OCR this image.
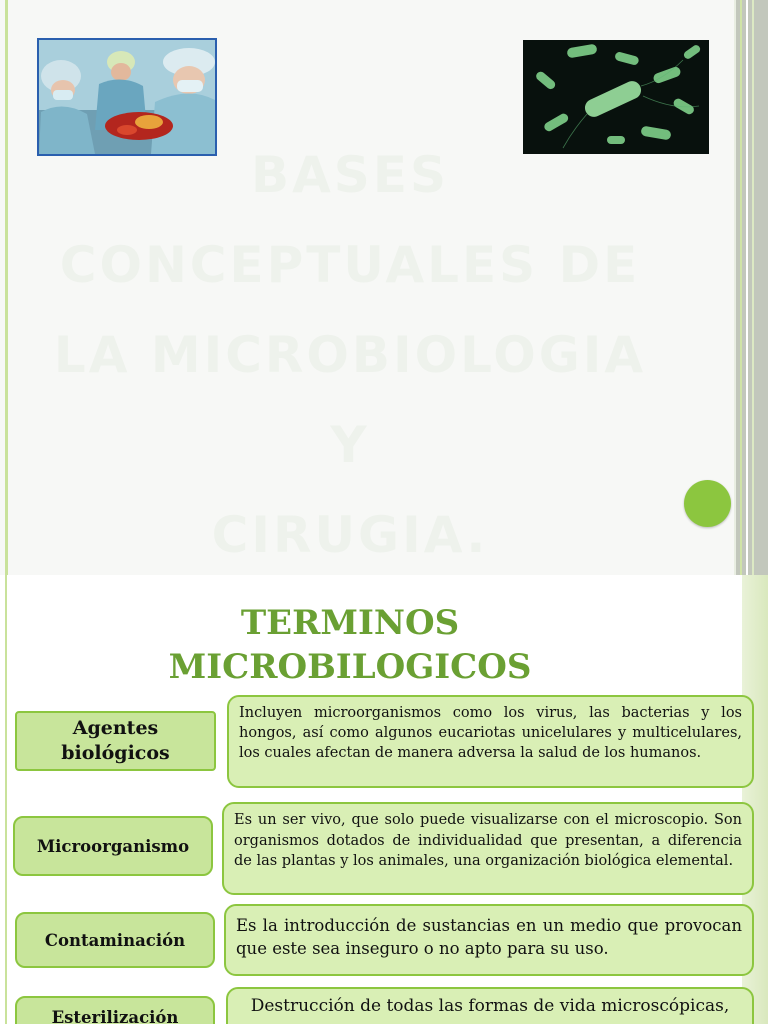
BASES
CONCEPTUALES DE
LA MICROBIOLOGIA Y
CIRUGIA.
TERMINOS
MICROBILOGICOS
Agentes biológicos
Incluyen microorganismos como los virus, las bacterias y los hongos, así como algunos eucariotas unicelulares y multicelulares, los cuales afectan de manera adversa la salud de los humanos.
Microorganismo
Es un ser vivo, que solo puede visualizarse con el microscopio. Son organismos dotados de individualidad que presentan, a diferencia de las plantas y los animales, una organización biológica elemental.
Contaminación
Es la introducción de sustancias en un medio que provocan que este sea inseguro o no apto para su uso.
Esterilización
Destrucción de todas las formas de vida microscópicas,
